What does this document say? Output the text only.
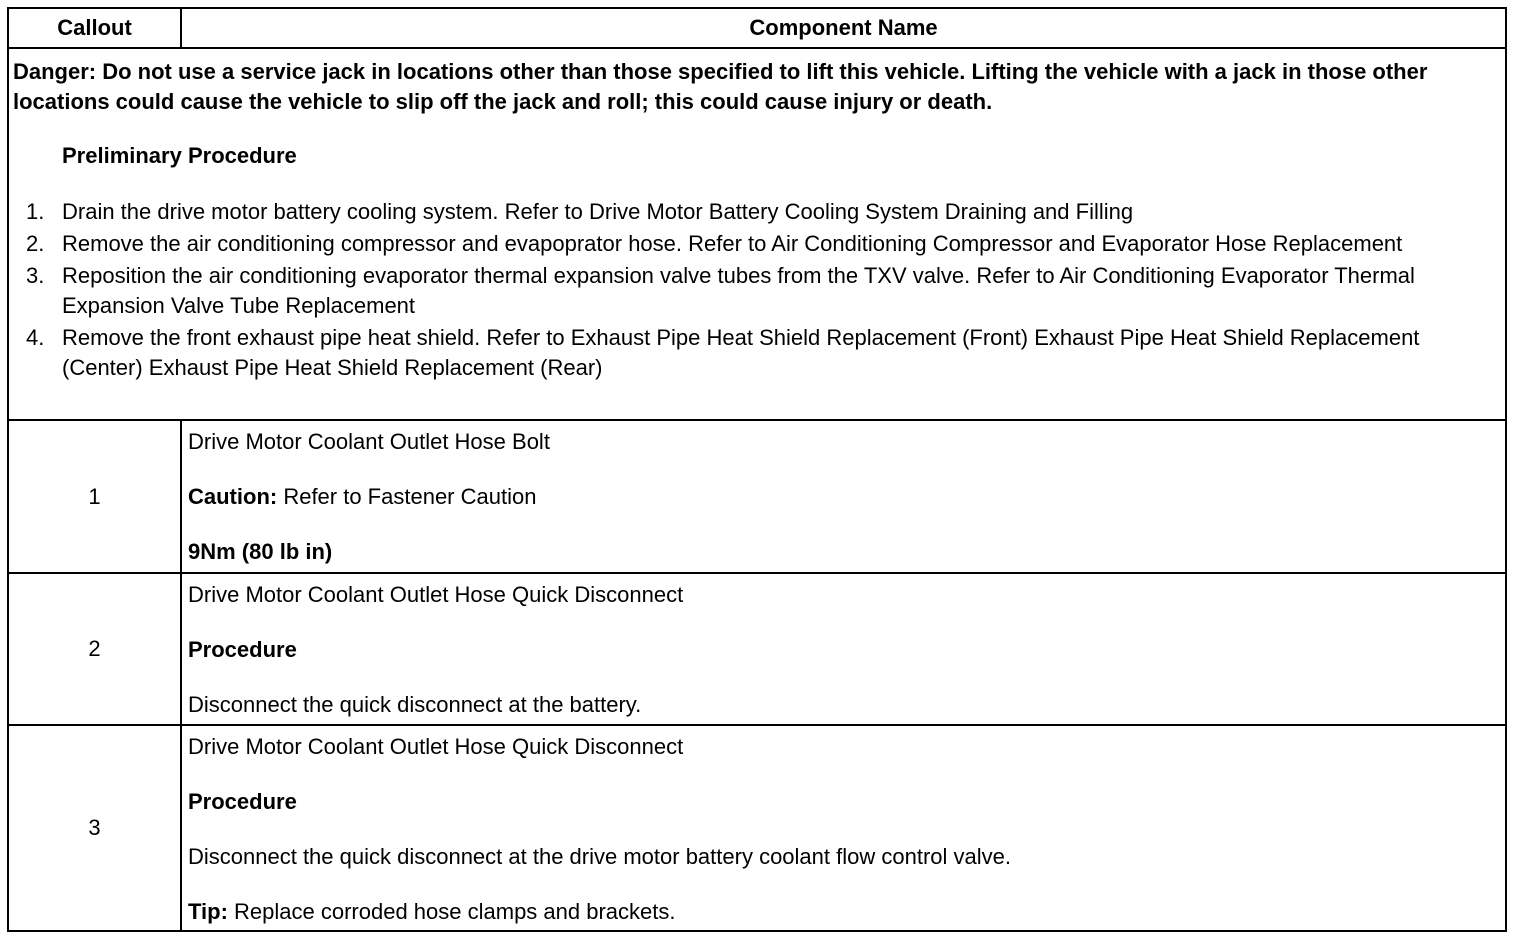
Callout	Component Name
Danger: Do not use a service jack in locations other than those specified to lift this vehicle. Lifting the vehicle with a jack in those other locations could cause the vehicle to slip off the jack and roll; this could cause injury or death.
Preliminary Procedure
1. Drain the drive motor battery cooling system. Refer to Drive Motor Battery Cooling System Draining and Filling
2. Remove the air conditioning compressor and evapoprator hose. Refer to Air Conditioning Compressor and Evaporator Hose Replacement
3. Reposition the air conditioning evaporator thermal expansion valve tubes from the TXV valve. Refer to Air Conditioning Evaporator Thermal Expansion Valve Tube Replacement
4. Remove the front exhaust pipe heat shield. Refer to Exhaust Pipe Heat Shield Replacement (Front) Exhaust Pipe Heat Shield Replacement (Center) Exhaust Pipe Heat Shield Replacement (Rear)
1

Drive Motor Coolant Outlet Hose Bolt

Caution: Refer to Fastener Caution

9Nm (80 lb in)

2

Drive Motor Coolant Outlet Hose Quick Disconnect

Procedure

Disconnect the quick disconnect at the battery.

3

Drive Motor Coolant Outlet Hose Quick Disconnect

Procedure

Disconnect the quick disconnect at the drive motor battery coolant flow control valve.

Tip: Replace corroded hose clamps and brackets.
